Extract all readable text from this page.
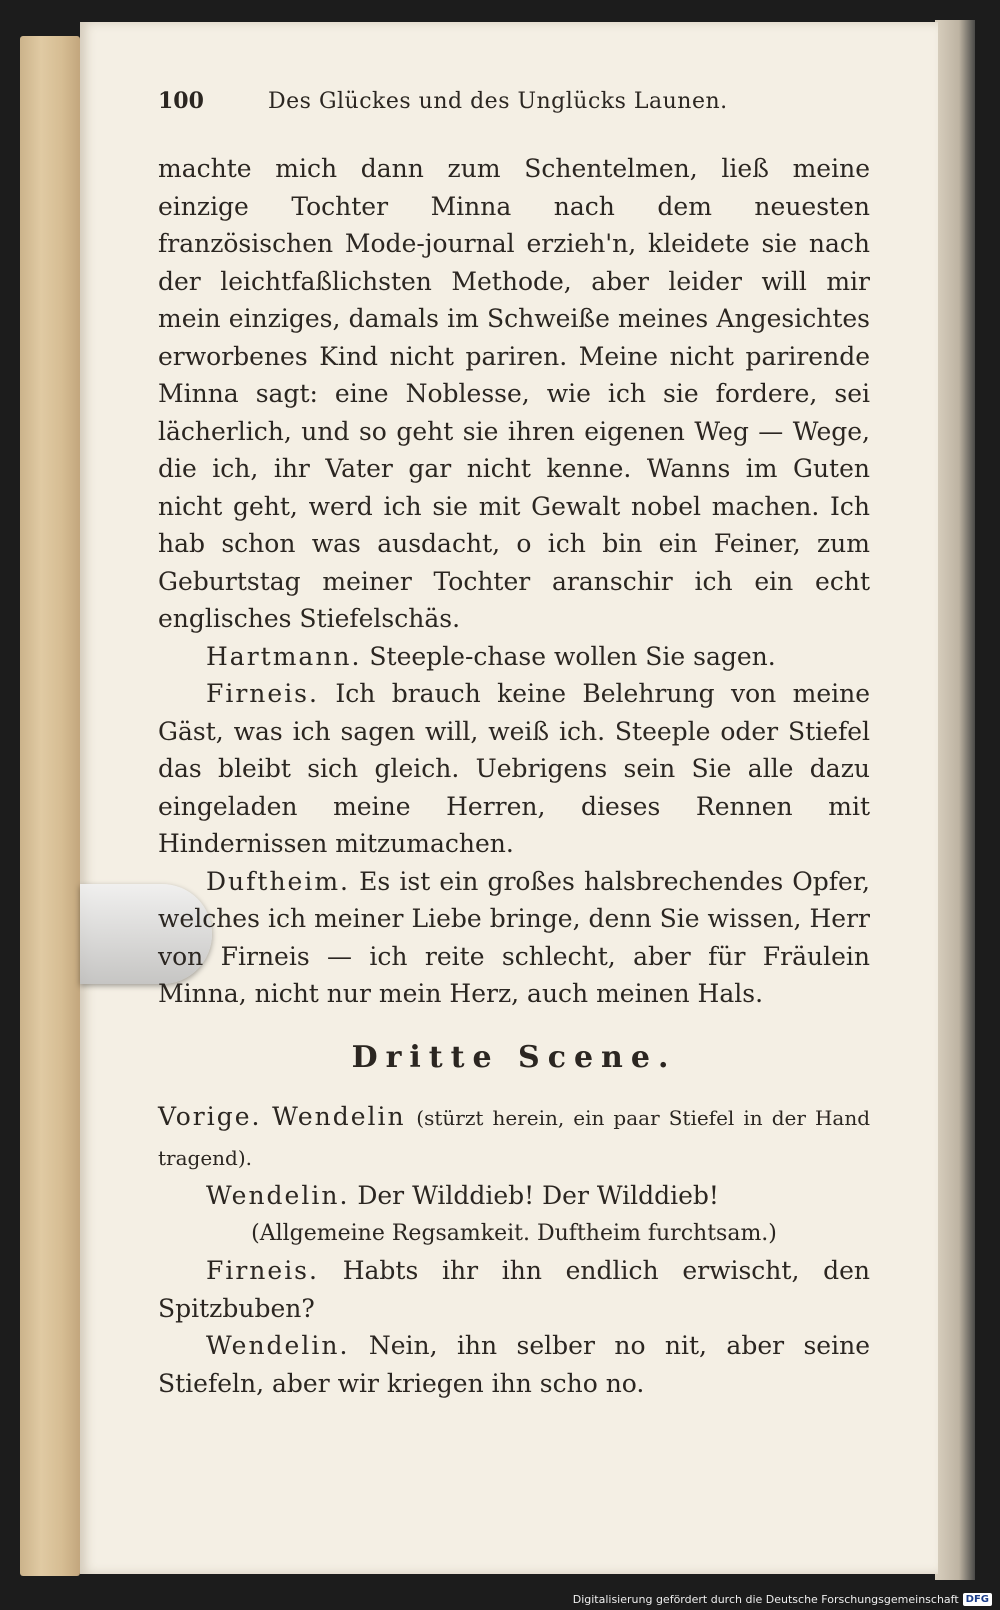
100	Des Glückes und des Unglücks Launen.

machte mich dann zum Schentelmen, ließ meine einzige Tochter Minna nach dem neuesten französischen Mode-journal erzieh'n, kleidete sie nach der leichtfaßlichsten Methode, aber leider will mir mein einziges, damals im Schweiße meines Angesichtes erworbenes Kind nicht pariren. Meine nicht parirende Minna sagt: eine Noblesse, wie ich sie fordere, sei lächerlich, und so geht sie ihren eigenen Weg — Wege, die ich, ihr Vater gar nicht kenne. Wanns im Guten nicht geht, werd ich sie mit Gewalt nobel machen. Ich hab schon was ausdacht, o ich bin ein Feiner, zum Geburtstag meiner Tochter aranschir ich ein echt englisches Stiefelschäs.

Hartmann. Steeple-chase wollen Sie sagen.

Firneis. Ich brauch keine Belehrung von meine Gäst, was ich sagen will, weiß ich. Steeple oder Stiefel das bleibt sich gleich. Uebrigens sein Sie alle dazu eingeladen meine Herren, dieses Rennen mit Hindernissen mitzumachen.

Duftheim. Es ist ein großes halsbrechendes Opfer, welches ich meiner Liebe bringe, denn Sie wissen, Herr von Firneis — ich reite schlecht, aber für Fräulein Minna, nicht nur mein Herz, auch meinen Hals.

Dritte Scene.

Vorige. Wendelin (stürzt herein, ein paar Stiefel in der Hand tragend).

Wendelin. Der Wilddieb! Der Wilddieb!

(Allgemeine Regsamkeit. Duftheim furchtsam.)

Firneis. Habts ihr ihn endlich erwischt, den Spitzbuben?

Wendelin. Nein, ihn selber no nit, aber seine Stiefeln, aber wir kriegen ihn scho no.

Digitalisierung gefördert durch die Deutsche Forschungsgemeinschaft DFG
